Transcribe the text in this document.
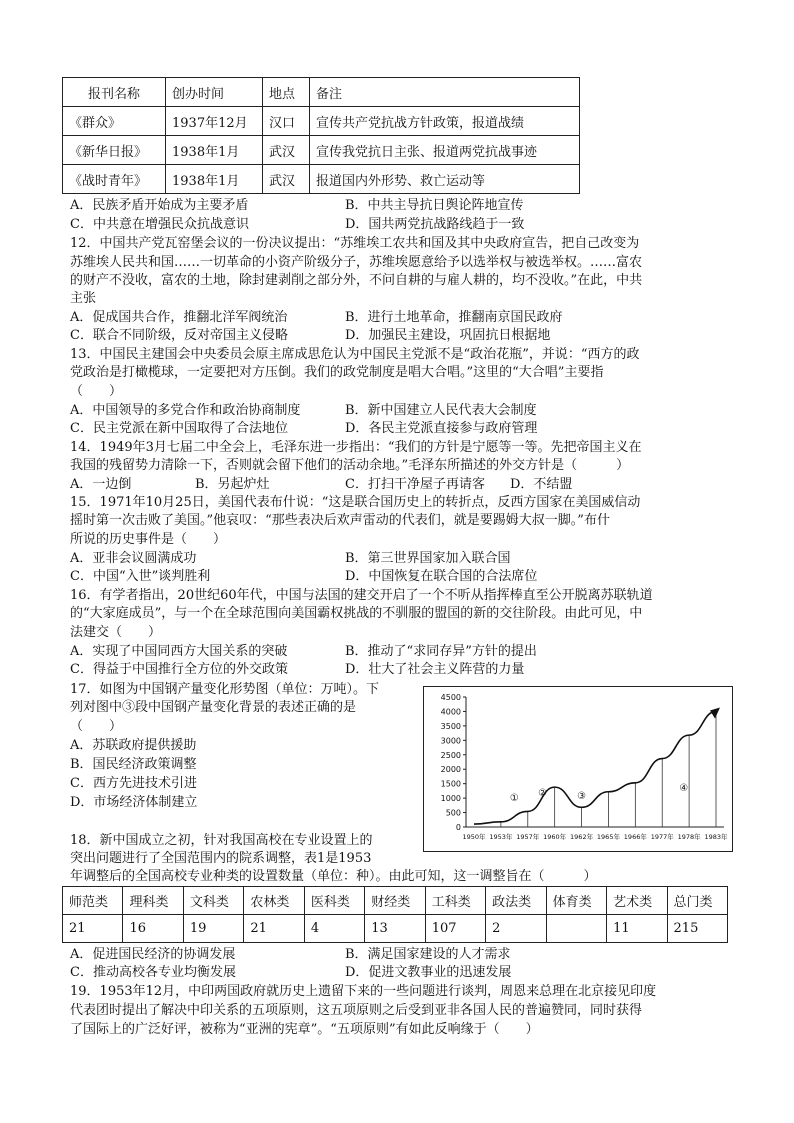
报刊名称	创办时间	地点	备注
《群众》	1937年12月	汉口	宣传共产党抗战方针政策，报道战绩
《新华日报》	1938年1月	武汉	宣传我党抗日主张、报道两党抗战事迹
《战时青年》	1938年1月	武汉	报道国内外形势、救亡运动等
A．民族矛盾开始成为主要矛盾	B．中共主导抗日舆论阵地宣传
C．中共意在增强民众抗战意识	D．国共两党抗战路线趋于一致
12．中国共产党瓦窑堡会议的一份决议提出：“苏维埃工农共和国及其中央政府宣告，把自己改变为
苏维埃人民共和国……一切革命的小资产阶级分子，苏维埃愿意给予以选举权与被选举权。……富农
的财产不没收，富农的土地，除封建剥削之部分外，不问自耕的与雇人耕的，均不没收。”在此，中共
主张
A．促成国共合作，推翻北洋军阀统治	B．进行土地革命，推翻南京国民政府
C．联合不同阶级，反对帝国主义侵略	D．加强民主建设，巩固抗日根据地
13．中国民主建国会中央委员会原主席成思危认为中国民主党派不是“政治花瓶”，并说：“西方的政
党政治是打橄榄球，一定要把对方压倒。我们的政党制度是唱大合唱。”这里的“大合唱”主要指
（　　）
A．中国领导的多党合作和政治协商制度	B．新中国建立人民代表大会制度
C．民主党派在新中国取得了合法地位	D．各民主党派直接参与政府管理
14．1949年3月七届二中全会上，毛泽东进一步指出：“我们的方针是宁愿等一等。先把帝国主义在
我国的残留势力清除一下，否则就会留下他们的活动余地。”毛泽东所描述的外交方针是（　　　）
A．一边倒	B．另起炉灶	C．打扫干净屋子再请客 D．不结盟
15．1971年10月25日，美国代表布什说：“这是联合国历史上的转折点，反西方国家在美国威信动
摇时第一次击败了美国。”他哀叹：“那些表决后欢声雷动的代表们，就是要踢姆大叔一脚。”布什
所说的历史事件是（　　）
A．亚非会议圆满成功	B．第三世界国家加入联合国
C．中国“入世”谈判胜利	D．中国恢复在联合国的合法席位
16．有学者指出，20世纪60年代，中国与法国的建交开启了一个不听从指挥棒直至公开脱离苏联轨道
的“大家庭成员”，与一个在全球范围向美国霸权挑战的不驯服的盟国的新的交往阶段。由此可见，中
法建交（　　）
A．实现了中国同西方大国关系的突破	B．推动了“求同存异”方针的提出
C．得益于中国推行全方位的外交政策	D．壮大了社会主义阵营的力量
17．如图为中国钢产量变化形势图（单位：万吨）。下
列对图中③段中国钢产量变化背景的表述正确的是
（　　）
A．苏联政府提供援助
B．国民经济政策调整
C．西方先进技术引进
D．市场经济体制建立
0
500
1000
1500
2000
2500
3000
3500
4000
4500
1950年 1953年 1957年 1960年 1962年 1965年 1966年 1977年 1978年 1983年
① ②	③
④
18．新中国成立之初，针对我国高校在专业设置上的
突出问题进行了全国范围内的院系调整，表1是1953
年调整后的全国高校专业种类的设置数量（单位：种）。由此可知，这一调整旨在（　　　）
师范类	理科类	文科类	农林类	医科类	财经类	工科类	政法类	体育类	艺术类	总门类
21	16	19	21	4	13	107	2		11	215
A．促进国民经济的协调发展	B．满足国家建设的人才需求
C．推动高校各专业均衡发展	D．促进文教事业的迅速发展
19．1953年12月，中印两国政府就历史上遗留下来的一些问题进行谈判，周恩来总理在北京接见印度
代表团时提出了解决中印关系的五项原则，这五项原则之后受到亚非各国人民的普遍赞同，同时获得
了国际上的广泛好评，被称为“亚洲的宪章”。“五项原则”有如此反响缘于（　　）
